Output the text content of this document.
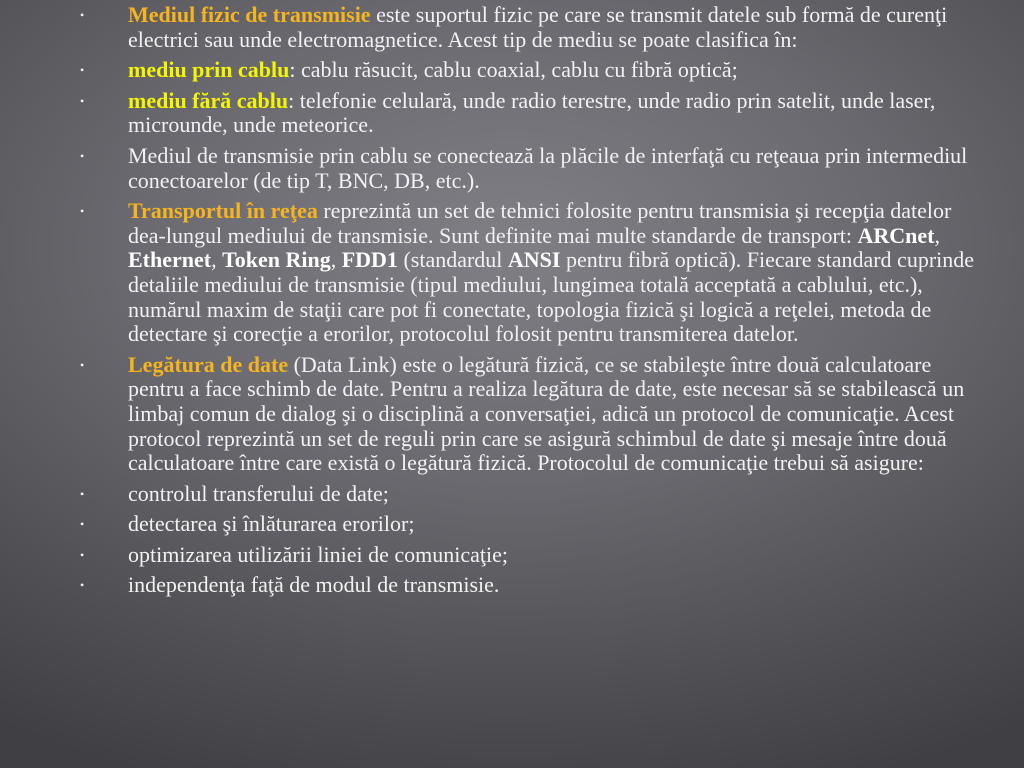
•	Mediul fizic de transmisie este suportul fizic pe care se transmit datele sub formă de curenţi electrici sau unde electromagnetice. Acest tip de mediu se poate clasifica în:
•	mediu prin cablu: cablu răsucit, cablu coaxial, cablu cu fibră optică;
•	mediu fără cablu: telefonie celulară, unde radio terestre, unde radio prin satelit, unde laser, microunde, unde meteorice.
•	Mediul de transmisie prin cablu se conectează la plăcile de interfaţă cu reţeaua prin intermediul conectoarelor (de tip T, BNC, DB, etc.).
•	Transportul în reţea reprezintă un set de tehnici folosite pentru transmisia şi recepţia datelor dea-lungul mediului de transmisie. Sunt definite mai multe standarde de transport: ARCnet, Ethernet, Token Ring, FDD1 (standardul ANSI pentru fibră optică). Fiecare standard cuprinde detaliile mediului de transmisie (tipul mediului, lungimea totală acceptată a cablului, etc.), numărul maxim de staţii care pot fi conectate, topologia fizică şi logică a reţelei, metoda de detectare şi corecţie a erorilor, protocolul folosit pentru transmiterea datelor.
•	Legătura de date (Data Link) este o legătură fizică, ce se stabileşte între două calculatoare pentru a face schimb de date. Pentru a realiza legătura de date, este necesar să se stabilească un limbaj comun de dialog şi o disciplină a conversaţiei, adică un protocol de comunicaţie. Acest protocol reprezintă un set de reguli prin care se asigură schimbul de date şi mesaje între două calculatoare între care există o legătură fizică. Protocolul de comunicaţie trebui să asigure:
•	controlul transferului de date;
•	detectarea şi înlăturarea erorilor;
•	optimizarea utilizării liniei de comunicaţie;
•	independenţa faţă de modul de transmisie.
